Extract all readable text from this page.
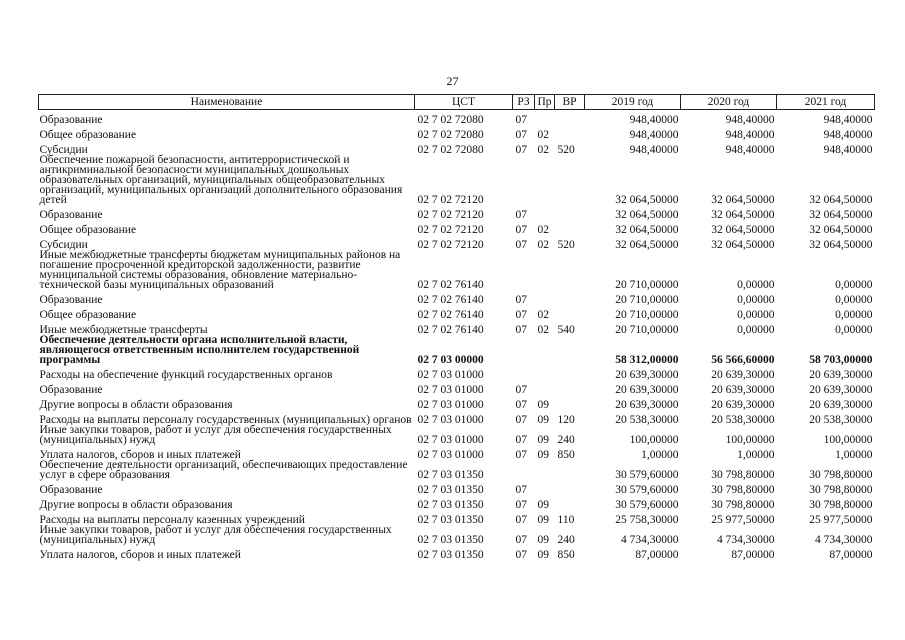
27
Наименование	ЦСТ	РЗ	Пр	ВР	2019 год	2020 год	2021 год
Образование	02 7 02 72080	07			948,40000	948,40000	948,40000
Общее образование	02 7 02 72080	07	02		948,40000	948,40000	948,40000
Субсидии	02 7 02 72080	07	02	520	948,40000	948,40000	948,40000
Обеспечение пожарной безопасности, антитеррористической и антикриминальной безопасности муниципальных дошкольных образовательных организаций, муниципальных общеобразовательных организаций, муниципальных организаций дополнительного образования детей	02 7 02 72120				32 064,50000	32 064,50000	32 064,50000
Образование	02 7 02 72120	07			32 064,50000	32 064,50000	32 064,50000
Общее образование	02 7 02 72120	07	02		32 064,50000	32 064,50000	32 064,50000
Субсидии	02 7 02 72120	07	02	520	32 064,50000	32 064,50000	32 064,50000
Иные межбюджетные трансферты бюджетам муниципальных районов на погашение просроченной кредиторской задолженности, развитие муниципальной системы образования, обновление материально-технической базы муниципальных образований	02 7 02 76140				20 710,00000	0,00000	0,00000
Образование	02 7 02 76140	07			20 710,00000	0,00000	0,00000
Общее образование	02 7 02 76140	07	02		20 710,00000	0,00000	0,00000
Иные межбюджетные трансферты	02 7 02 76140	07	02	540	20 710,00000	0,00000	0,00000
Обеспечение деятельности органа исполнительной власти, являющегося ответственным исполнителем государственной программы	02 7 03 00000				58 312,00000	56 566,60000	58 703,00000
Расходы на обеспечение функций государственных органов	02 7 03 01000				20 639,30000	20 639,30000	20 639,30000
Образование	02 7 03 01000	07			20 639,30000	20 639,30000	20 639,30000
Другие вопросы в области образования	02 7 03 01000	07	09		20 639,30000	20 639,30000	20 639,30000
Расходы на выплаты персоналу государственных (муниципальных) органов	02 7 03 01000	07	09	120	20 538,30000	20 538,30000	20 538,30000
Иные закупки товаров, работ и услуг для обеспечения государственных (муниципальных) нужд	02 7 03 01000	07	09	240	100,00000	100,00000	100,00000
Уплата налогов, сборов и иных платежей	02 7 03 01000	07	09	850	1,00000	1,00000	1,00000
Обеспечение деятельности организаций, обеспечивающих предоставление услуг в сфере образования	02 7 03 01350				30 579,60000	30 798,80000	30 798,80000
Образование	02 7 03 01350	07			30 579,60000	30 798,80000	30 798,80000
Другие вопросы в области образования	02 7 03 01350	07	09		30 579,60000	30 798,80000	30 798,80000
Расходы на выплаты персоналу казенных учреждений	02 7 03 01350	07	09	110	25 758,30000	25 977,50000	25 977,50000
Иные закупки товаров, работ и услуг для обеспечения государственных (муниципальных) нужд	02 7 03 01350	07	09	240	4 734,30000	4 734,30000	4 734,30000
Уплата налогов, сборов и иных платежей	02 7 03 01350	07	09	850	87,00000	87,00000	87,00000
